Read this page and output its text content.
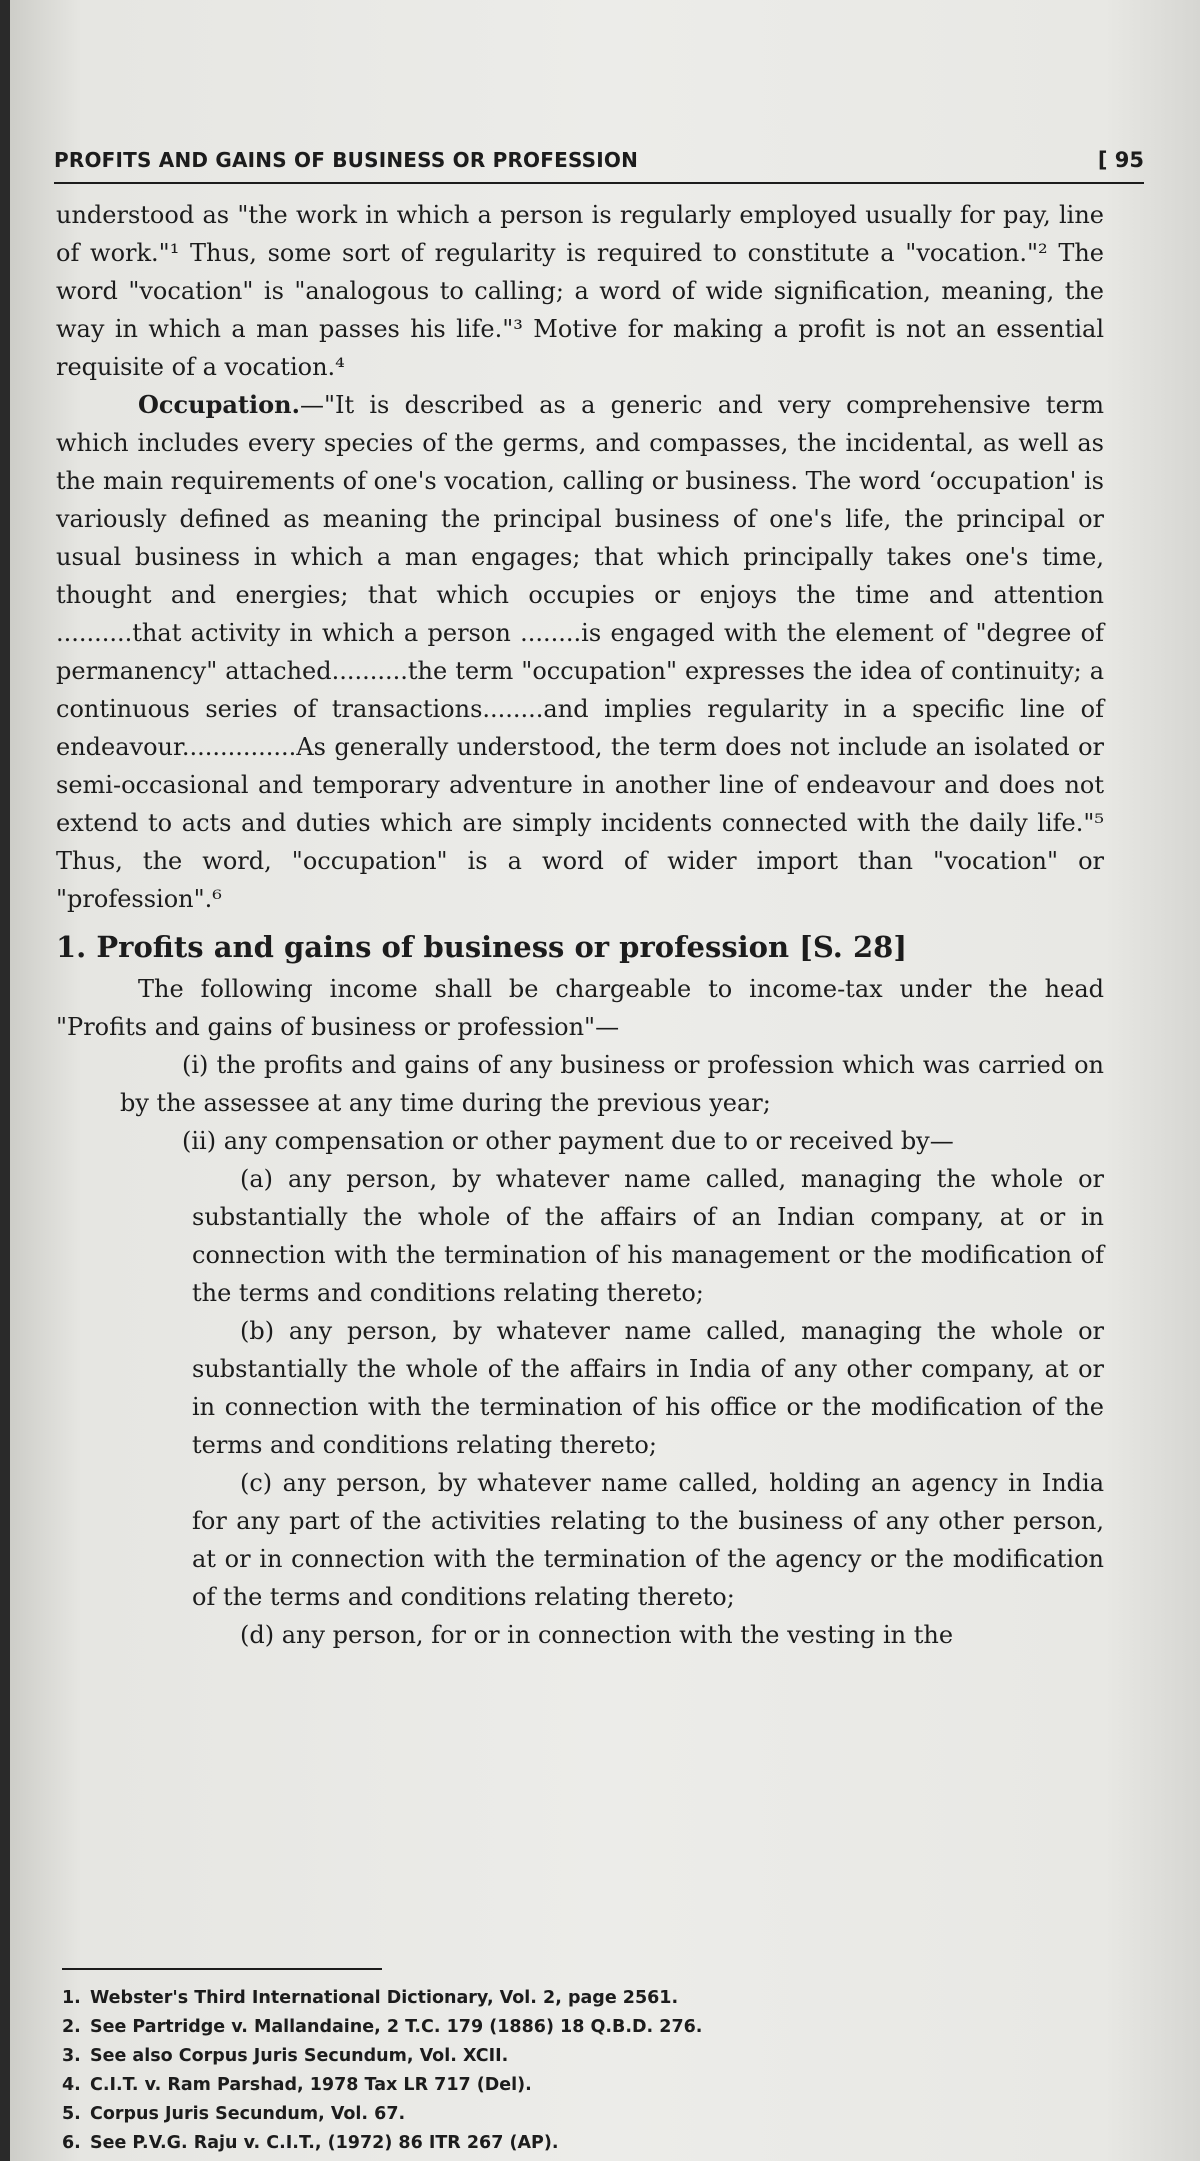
PROFITS AND GAINS OF BUSINESS OR PROFESSION	[ 95

understood as "the work in which a person is regularly employed usually for pay, line of work."¹ Thus, some sort of regularity is required to constitute a "vocation."² The word "vocation" is "analogous to calling; a word of wide signification, meaning, the way in which a man passes his life."³ Motive for making a profit is not an essential requisite of a vocation.⁴

Occupation.—"It is described as a generic and very comprehensive term which includes every species of the germs, and compasses, the incidental, as well as the main requirements of one's vocation, calling or business. The word ‘occupation' is variously defined as meaning the principal business of one's life, the principal or usual business in which a man engages; that which principally takes one's time, thought and energies; that which occupies or enjoys the time and attention ..........that activity in which a person ........is engaged with the element of "degree of permanency" attached..........the term "occupation" expresses the idea of continuity; a continuous series of transactions........and implies regularity in a specific line of endeavour...............As generally understood, the term does not include an isolated or semi-occasional and temporary adventure in another line of endeavour and does not extend to acts and duties which are simply incidents connected with the daily life."⁵ Thus, the word, "occupation" is a word of wider import than "vocation" or "profession".⁶

1. Profits and gains of business or profession [S. 28]

The following income shall be chargeable to income-tax under the head "Profits and gains of business or profession"—

(i) the profits and gains of any business or profession which was carried on by the assessee at any time during the previous year;

(ii) any compensation or other payment due to or received by—

(a) any person, by whatever name called, managing the whole or substantially the whole of the affairs of an Indian company, at or in connection with the termination of his management or the modification of the terms and conditions relating thereto;

(b) any person, by whatever name called, managing the whole or substantially the whole of the affairs in India of any other company, at or in connection with the termination of his office or the modification of the terms and conditions relating thereto;

(c) any person, by whatever name called, holding an agency in India for any part of the activities relating to the business of any other person, at or in connection with the termination of the agency or the modification of the terms and conditions relating thereto;

(d) any person, for or in connection with the vesting in the

1. Webster's Third International Dictionary, Vol. 2, page 2561.

2. See Partridge v. Mallandaine, 2 T.C. 179 (1886) 18 Q.B.D. 276.

3. See also Corpus Juris Secundum, Vol. XCII.

4. C.I.T. v. Ram Parshad, 1978 Tax LR 717 (Del).

5. Corpus Juris Secundum, Vol. 67.

6. See P.V.G. Raju v. C.I.T., (1972) 86 ITR 267 (AP).
